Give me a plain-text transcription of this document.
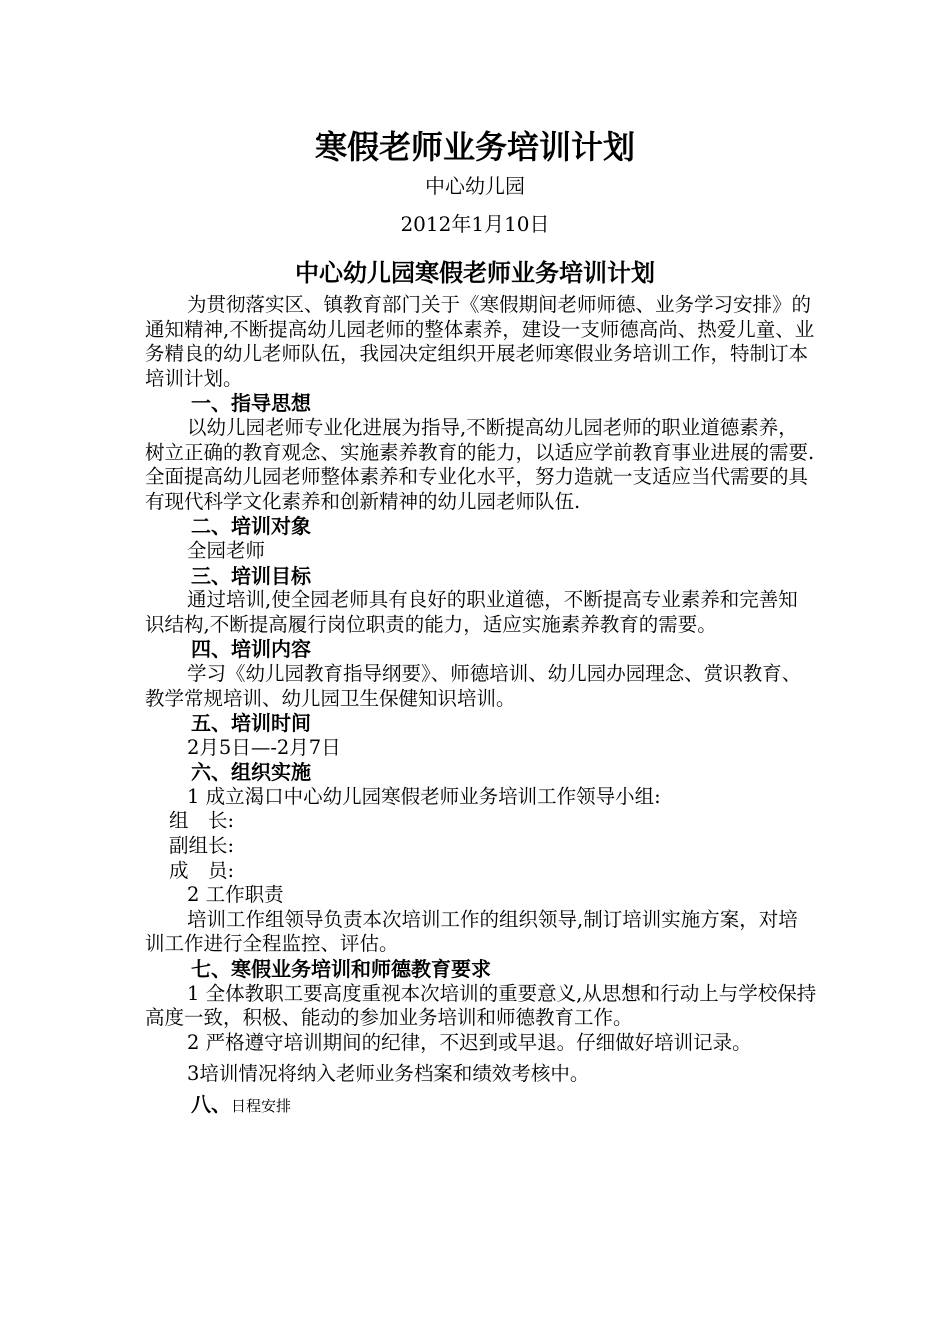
寒假老师业务培训计划
中心幼儿园
2012年1月10日
中心幼儿园寒假老师业务培训计划

为贯彻落实区、镇教育部门关于《寒假期间老师师德、业务学习安排》的通知精神,不断提高幼儿园老师的整体素养，建设一支师德高尚、热爱儿童、业务精良的幼儿老师队伍，我园决定组织开展老师寒假业务培训工作，特制订本培训计划。

一、指导思想

以幼儿园老师专业化进展为指导,不断提高幼儿园老师的职业道德素养，树立正确的教育观念、实施素养教育的能力，以适应学前教育事业进展的需要.全面提高幼儿园老师整体素养和专业化水平，努力造就一支适应当代需要的具有现代科学文化素养和创新精神的幼儿园老师队伍.

二、培训对象

全园老师

三、培训目标

通过培训,使全园老师具有良好的职业道德，不断提高专业素养和完善知识结构,不断提高履行岗位职责的能力，适应实施素养教育的需要。

四、培训内容

学习《幼儿园教育指导纲要》、师德培训、幼儿园办园理念、赏识教育、教学常规培训、幼儿园卫生保健知识培训。

五、培训时间

2月5日—-2月7日

六、组织实施

1 成立渴口中心幼儿园寒假老师业务培训工作领导小组:

组　长:

副组长:

成　员:

2 工作职责

培训工作组领导负责本次培训工作的组织领导,制订培训实施方案，对培训工作进行全程监控、评估。

七、寒假业务培训和师德教育要求

1 全体教职工要高度重视本次培训的重要意义,从思想和行动上与学校保持高度一致，积极、能动的参加业务培训和师德教育工作。

2 严格遵守培训期间的纪律，不迟到或早退。仔细做好培训记录。

3培训情况将纳入老师业务档案和绩效考核中。

八、日程安排
